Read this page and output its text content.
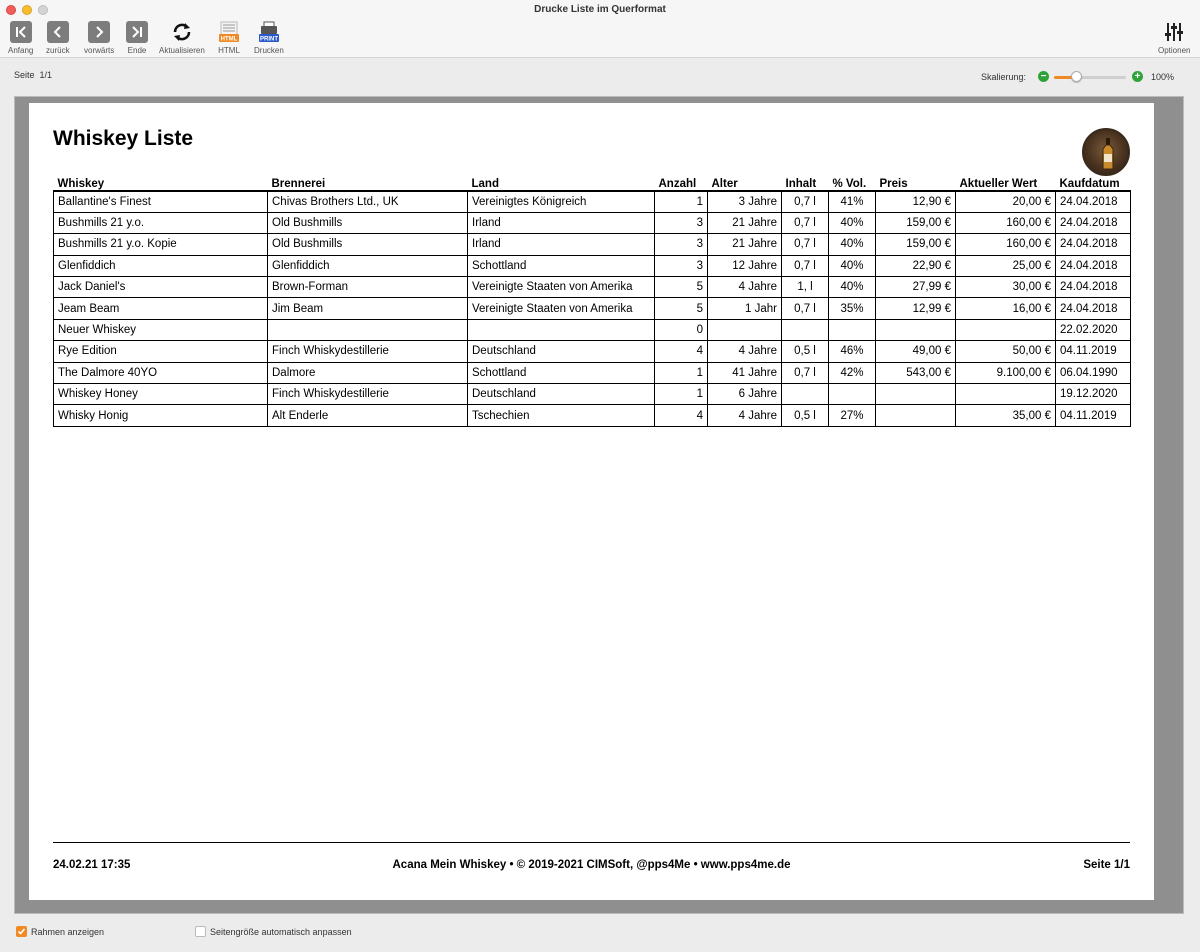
Drucke Liste im Querformat
Anfang zurück vorwärts Ende Aktualisieren
HTML
HTML
PRINT
Drucken	Optionen
Seite 1/1	Skalierung: −	+ 100%
Whiskey Liste
Whiskey	Brennerei	Land	Anzahl	Alter	Inhalt	% Vol.	Preis	Aktueller Wert	Kaufdatum
Ballantine's Finest	Chivas Brothers Ltd., UK	Vereinigtes Königreich	1	3 Jahre	0,7 l	41%	12,90 €	20,00 €	24.04.2018
Bushmills 21 y.o.	Old Bushmills	Irland	3	21 Jahre	0,7 l	40%	159,00 €	160,00 €	24.04.2018
Bushmills 21 y.o. Kopie	Old Bushmills	Irland	3	21 Jahre	0,7 l	40%	159,00 €	160,00 €	24.04.2018
Glenfiddich	Glenfiddich	Schottland	3	12 Jahre	0,7 l	40%	22,90 €	25,00 €	24.04.2018
Jack Daniel's	Brown-Forman	Vereinigte Staaten von Amerika	5	4 Jahre	1, l	40%	27,99 €	30,00 €	24.04.2018
Jeam Beam	Jim Beam	Vereinigte Staaten von Amerika	5	1 Jahr	0,7 l	35%	12,99 €	16,00 €	24.04.2018
Neuer Whiskey			0						22.02.2020
Rye Edition	Finch Whiskydestillerie	Deutschland	4	4 Jahre	0,5 l	46%	49,00 €	50,00 €	04.11.2019
The Dalmore 40YO	Dalmore	Schottland	1	41 Jahre	0,7 l	42%	543,00 €	9.100,00 €	06.04.1990
Whiskey Honey	Finch Whiskydestillerie	Deutschland	1	6 Jahre					19.12.2020
Whisky Honig	Alt Enderle	Tschechien	4	4 Jahre	0,5 l	27%		35,00 €	04.11.2019
24.02.21 17:35	Acana Mein Whiskey • © 2019-2021 CIMSoft, @pps4Me • www.pps4me.de	Seite 1/1
Rahmen anzeigen	Seitengröße automatisch anpassen
